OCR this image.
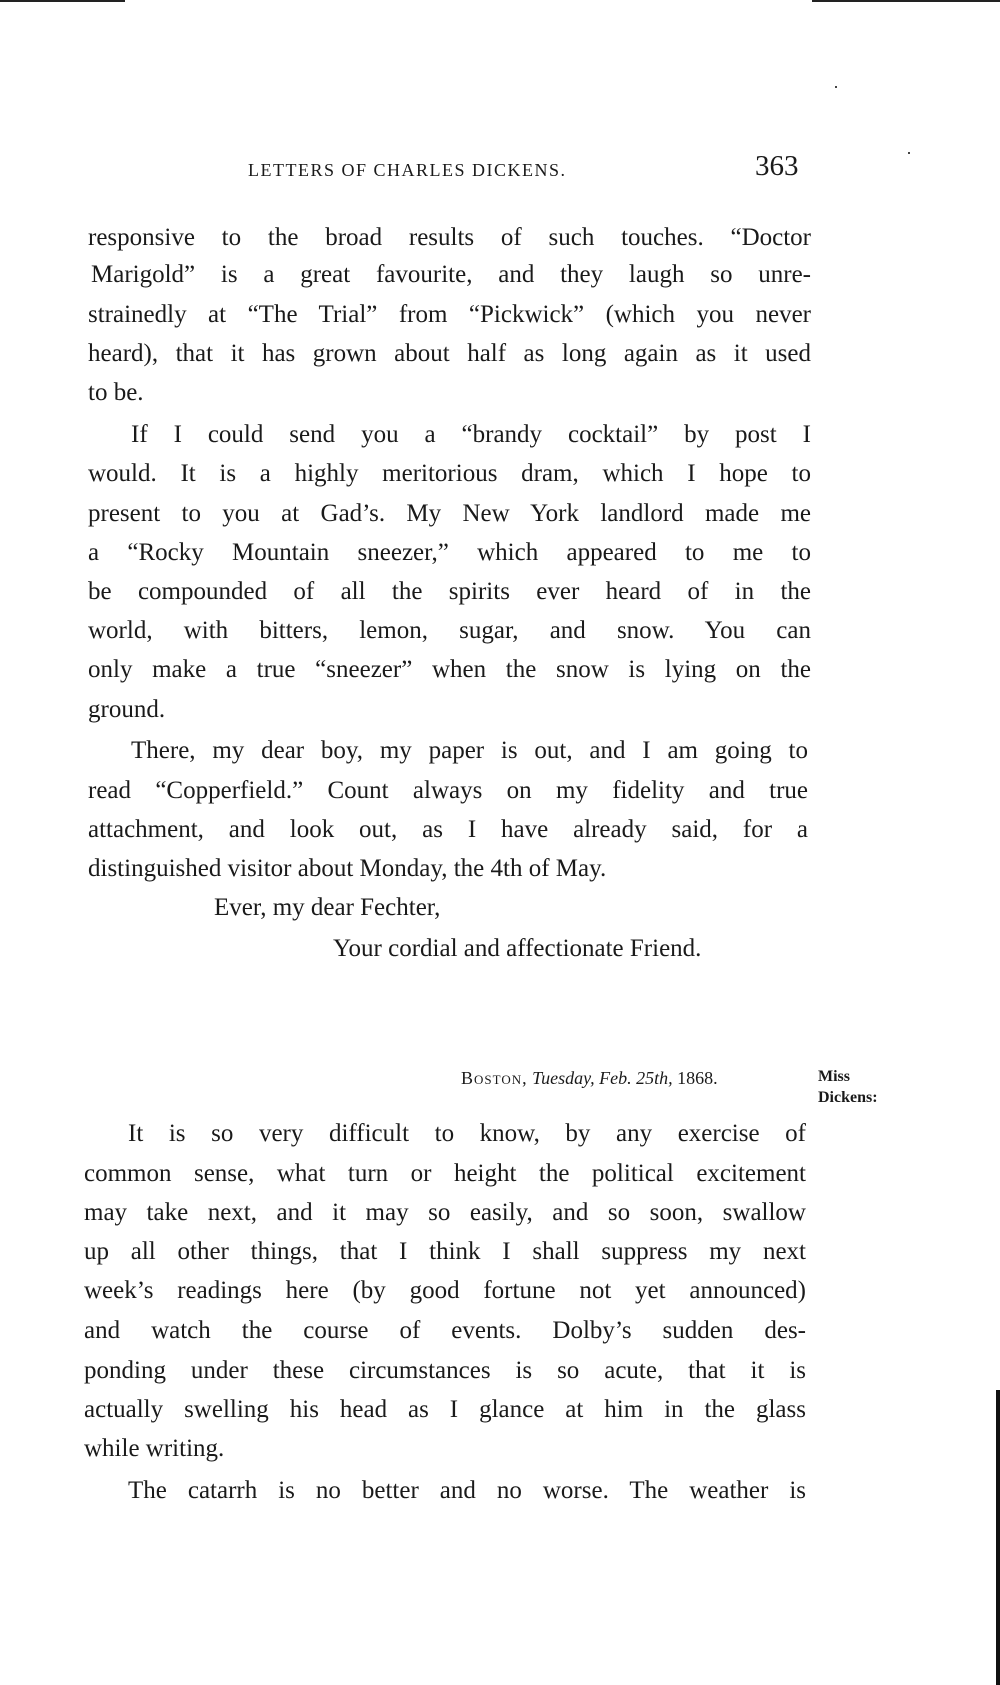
LETTERS OF CHARLES DICKENS.	363
responsive to the broad results of such touches. “Doctor
Marigold” is a great favourite, and they laugh so unre-
strainedly at “The Trial” from “Pickwick” (which you never
heard), that it has grown about half as long again as it used
to be.
If I could send you a “brandy cocktail” by post I
would. It is a highly meritorious dram, which I hope to
present to you at Gad’s. My New York landlord made me
a “Rocky Mountain sneezer,” which appeared to me to
be compounded of all the spirits ever heard of in the
world, with bitters, lemon, sugar, and snow. You can
only make a true “sneezer” when the snow is lying on the
ground.
There, my dear boy, my paper is out, and I am going to
read “Copperfield.” Count always on my fidelity and true
attachment, and look out, as I have already said, for a
distinguished visitor about Monday, the 4th of May.
Ever, my dear Fechter,
Your cordial and affectionate Friend.
Boston, Tuesday, Feb. 25th, 1868.	Miss
Dickens:
It is so very difficult to know, by any exercise of
common sense, what turn or height the political excitement
may take next, and it may so easily, and so soon, swallow
up all other things, that I think I shall suppress my next
week’s readings here (by good fortune not yet announced)
and watch the course of events. Dolby’s sudden des-
ponding under these circumstances is so acute, that it is
actually swelling his head as I glance at him in the glass
while writing.
The catarrh is no better and no worse. The weather is
